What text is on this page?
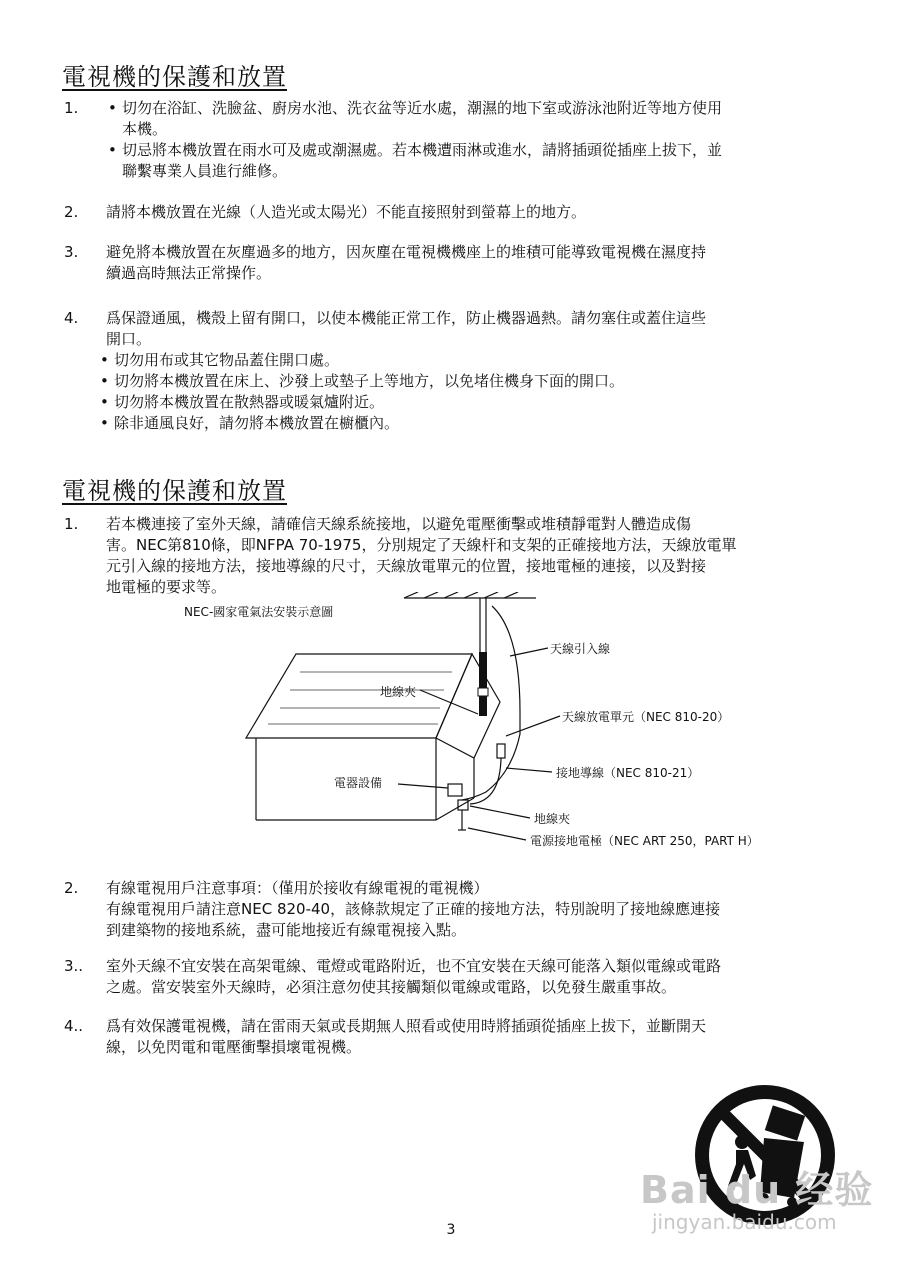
電視機的保護和放置
1.
•	切勿在浴缸、洗臉盆、廚房水池、洗衣盆等近水處，潮濕的地下室或游泳池附近等地方使用
本機。
• 切忌將本機放置在雨水可及處或潮濕處。若本機遭雨淋或進水，請將插頭從插座上拔下，並
聯繫專業人員進行維修。
2. 請將本機放置在光線（人造光或太陽光）不能直接照射到螢幕上的地方。
3. 避免將本機放置在灰塵過多的地方，因灰塵在電視機機座上的堆積可能導致電視機在濕度持
續過高時無法正常操作。
4. 爲保證通風，機殼上留有開口，以使本機能正常工作，防止機器過熱。請勿塞住或蓋住這些
開口。
• 切勿用布或其它物品蓋住開口處。
• 切勿將本機放置在床上、沙發上或墊子上等地方，以免堵住機身下面的開口。
• 切勿將本機放置在散熱器或暖氣爐附近。
• 除非通風良好，請勿將本機放置在櫥櫃內。
電視機的保護和放置
1. 若本機連接了室外天線，請確信天線系統接地，以避免電壓衝擊或堆積靜電對人體造成傷
害。NEC第810條，即NFPA 70-1975，分別規定了天線杆和支架的正確接地方法，天線放電單
元引入線的接地方法，接地導線的尺寸，天線放電單元的位置，接地電極的連接，以及對接
地電極的要求等。
NEC-國家電氣法安裝示意圖
天線引入線
地線夾
天線放電單元（NEC 810-20）
接地導線（NEC 810-21）
電器設備
地線夾
電源接地電極（NEC ART 250，PART H）
2. 有線電視用戶注意事項：（僅用於接收有線電視的電視機）
有線電視用戶請注意NEC 820-40，該條款規定了正確的接地方法，特別說明了接地線應連接
到建築物的接地系統，盡可能地接近有線電視接入點。
3.. 室外天線不宜安裝在高架電線、電燈或電路附近，也不宜安裝在天線可能落入類似電線或電路
之處。當安裝室外天線時，必須注意勿使其接觸類似電線或電路，以免發生嚴重事故。
4.. 爲有效保護電視機，請在雷雨天氣或長期無人照看或使用時將插頭從插座上拔下，並斷開天
線，以免閃電和電壓衝擊損壞電視機。
Bai du 经验
jingyan.baidu.com
3
